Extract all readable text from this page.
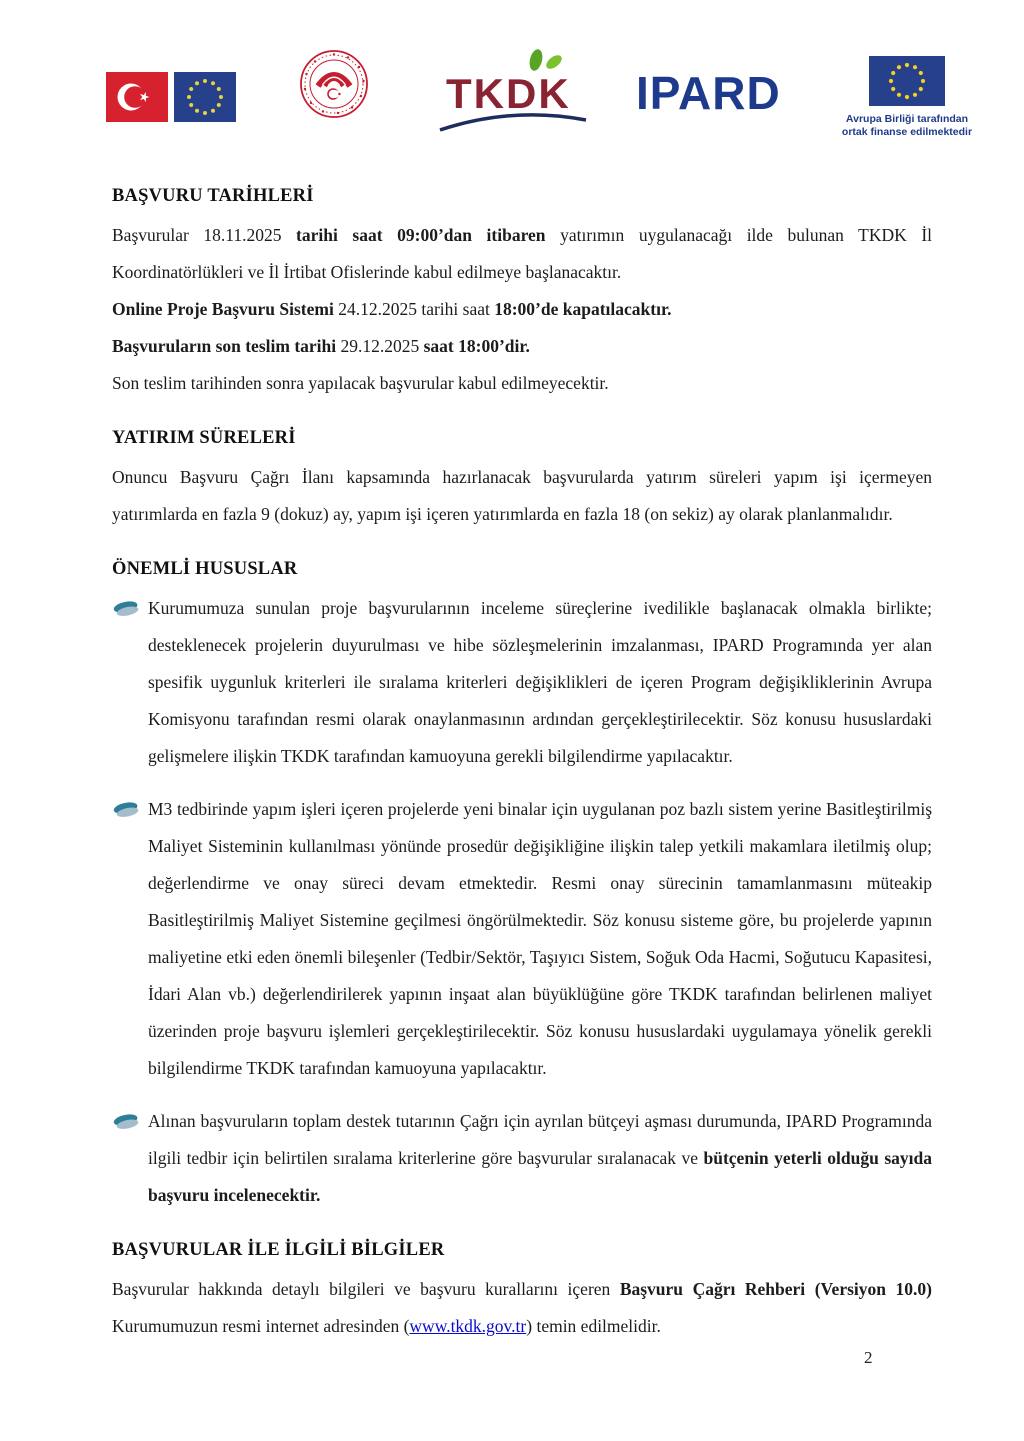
TKDK IPARD	Avrupa Birliği tarafından
ortak finanse edilmektedir
BAŞVURU TARİHLERİ

Başvurular 18.11.2025 tarihi saat 09:00’dan itibaren yatırımın uygulanacağı ilde bulunan TKDK İl Koordinatörlükleri ve İl İrtibat Ofislerinde kabul edilmeye başlanacaktır.

Online Proje Başvuru Sistemi 24.12.2025 tarihi saat 18:00’de kapatılacaktır.

Başvuruların son teslim tarihi 29.12.2025 saat 18:00’dir.

Son teslim tarihinden sonra yapılacak başvurular kabul edilmeyecektir.

YATIRIM SÜRELERİ

Onuncu Başvuru Çağrı İlanı kapsamında hazırlanacak başvurularda yatırım süreleri yapım işi içermeyen yatırımlarda en fazla 9 (dokuz) ay, yapım işi içeren yatırımlarda en fazla 18 (on sekiz) ay olarak planlanmalıdır.

ÖNEMLİ HUSUSLAR

Kurumumuza sunulan proje başvurularının inceleme süreçlerine ivedilikle başlanacak olmakla birlikte; desteklenecek projelerin duyurulması ve hibe sözleşmelerinin imzalanması, IPARD Programında yer alan spesifik uygunluk kriterleri ile sıralama kriterleri değişiklikleri de içeren Program değişikliklerinin Avrupa Komisyonu tarafından resmi olarak onaylanmasının ardından gerçekleştirilecektir. Söz konusu hususlardaki gelişmelere ilişkin TKDK tarafından kamuoyuna gerekli bilgilendirme yapılacaktır.

M3 tedbirinde yapım işleri içeren projelerde yeni binalar için uygulanan poz bazlı sistem yerine Basitleştirilmiş Maliyet Sisteminin kullanılması yönünde prosedür değişikliğine ilişkin talep yetkili makamlara iletilmiş olup; değerlendirme ve onay süreci devam etmektedir. Resmi onay sürecinin tamamlanmasını müteakip Basitleştirilmiş Maliyet Sistemine geçilmesi öngörülmektedir. Söz konusu sisteme göre, bu projelerde yapının maliyetine etki eden önemli bileşenler (Tedbir/Sektör, Taşıyıcı Sistem, Soğuk Oda Hacmi, Soğutucu Kapasitesi, İdari Alan vb.) değerlendirilerek yapının inşaat alan büyüklüğüne göre TKDK tarafından belirlenen maliyet üzerinden proje başvuru işlemleri gerçekleştirilecektir. Söz konusu hususlardaki uygulamaya yönelik gerekli bilgilendirme TKDK tarafından kamuoyuna yapılacaktır.

Alınan başvuruların toplam destek tutarının Çağrı için ayrılan bütçeyi aşması durumunda, IPARD Programında ilgili tedbir için belirtilen sıralama kriterlerine göre başvurular sıralanacak ve bütçenin yeterli olduğu sayıda başvuru incelenecektir.

BAŞVURULAR İLE İLGİLİ BİLGİLER

Başvurular hakkında detaylı bilgileri ve başvuru kurallarını içeren Başvuru Çağrı Rehberi (Versiyon 10.0) Kurumumuzun resmi internet adresinden (www.tkdk.gov.tr) temin edilmelidir.

2
